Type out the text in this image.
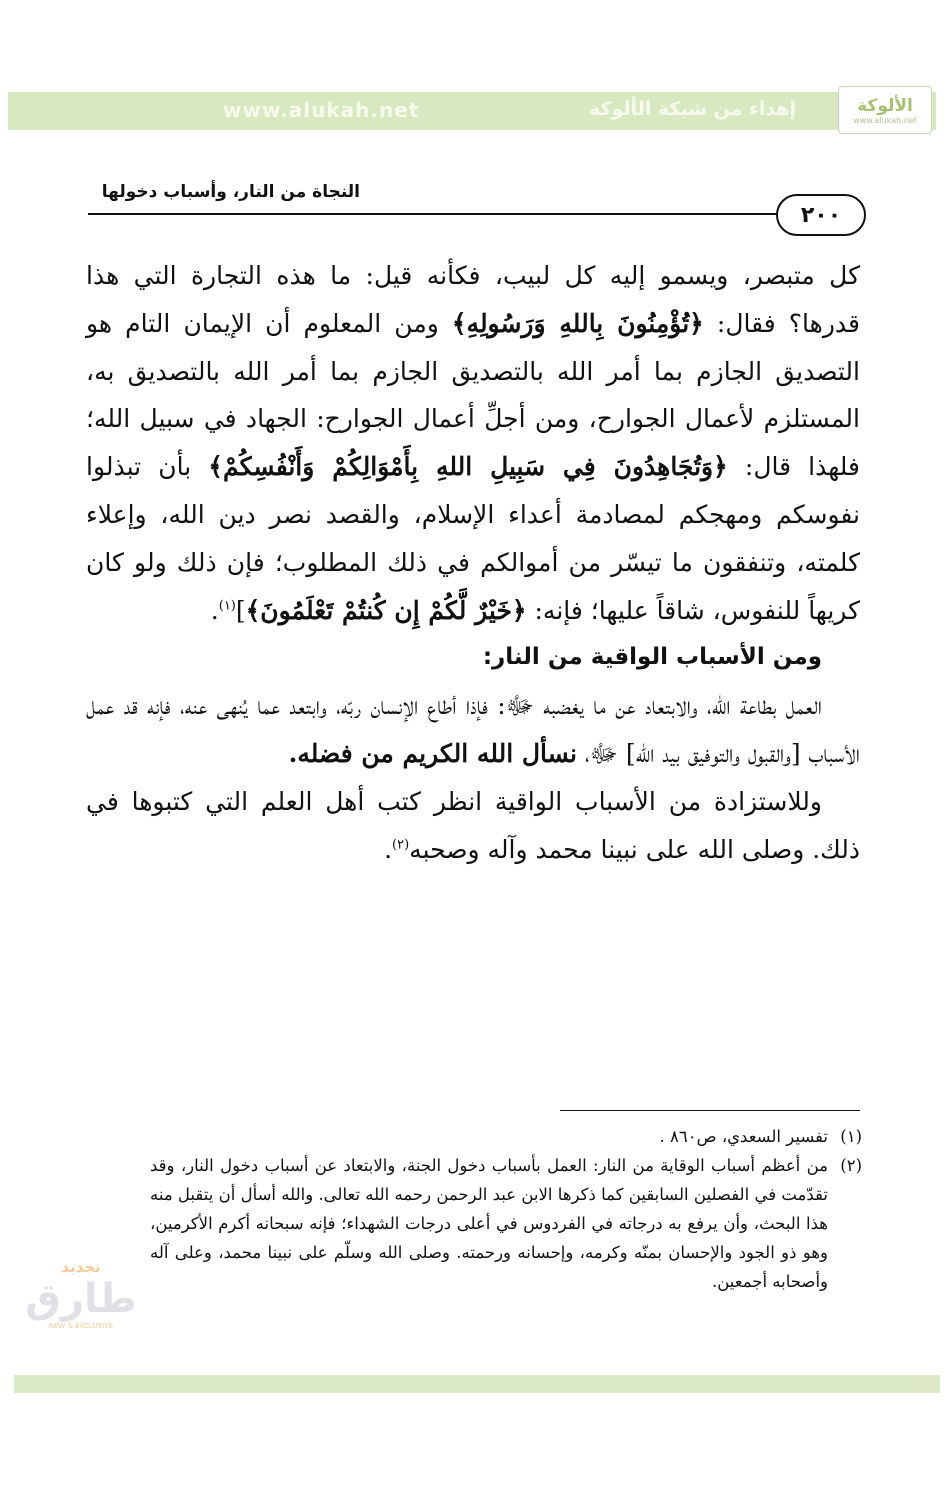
الألوكة
www.alukah.net
إهداء من شبكة الألوكة
www.alukah.net
النجاة من النار، وأسباب دخولها
٢٠٠

كل متبصر، ويسمو إليه كل لبيب، فكأنه قيل: ما هذه التجارة التي هذا قدرها؟ فقال: ﴿تُؤْمِنُونَ بِاللهِ وَرَسُولِهِ﴾ ومن المعلوم أن الإيمان التام هو التصديق الجازم بما أمر الله بالتصديق الجازم بما أمر الله بالتصديق به، المستلزم لأعمال الجوارح، ومن أجلِّ أعمال الجوارح: الجهاد في سبيل الله؛ فلهذا قال: ﴿وَتُجَاهِدُونَ فِي سَبِيلِ اللهِ بِأَمْوَالِكُمْ وَأَنْفُسِكُمْ﴾ بأن تبذلوا نفوسكم ومهجكم لمصادمة أعداء الإسلام، والقصد نصر دين الله، وإعلاء كلمته، وتنفقون ما تيسّر من أموالكم في ذلك المطلوب؛ فإن ذلك ولو كان كريهاً للنفوس، شاقاً عليها؛ فإنه: ﴿خَيْرٌ لَّكُمْ إِن كُنتُمْ تَعْلَمُونَ﴾]$^{(١)}$.

ومن الأسباب الواقية من النار:

العمل بطاعة الله، والابتعاد عن ما يغضبه ﷻ: فإذا أطاع الإنسان ربّه، وابتعد عما يُنهى عنه، فإنه قد عمل الأسباب [والقبول والتوفيق بيد الله] ﷻ، نسأل الله الكريم من فضله.

وللاستزادة من الأسباب الواقية انظر كتب أهل العلم التي كتبوها في ذلك. وصلى الله على نبينا محمد وآله وصحبه$^{(٢)}$.

(١)
تفسير السعدي، ص٨٦٠ .

(٢)
من أعظم أسباب الوقاية من النار: العمل بأسباب دخول الجنة، والابتعاد عن أسباب دخول النار، وقد تقدّمت في الفصلين السابقين كما ذكرها الابن عبد الرحمن رحمه الله تعالى. والله أسأل أن يتقبل منه هذا البحث، وأن يرفع به درجاته في الفردوس في أعلى درجات الشهداء؛ فإنه سبحانه أكرم الأكرمين، وهو ذو الجود والإحسان بمنّه وكرمه، وإحسانه ورحمته. وصلى الله وسلّم على نبينا محمد، وعلى آله وأصحابه أجمعين.

تجديد
طارق
NEW & EXCLUSIVE
